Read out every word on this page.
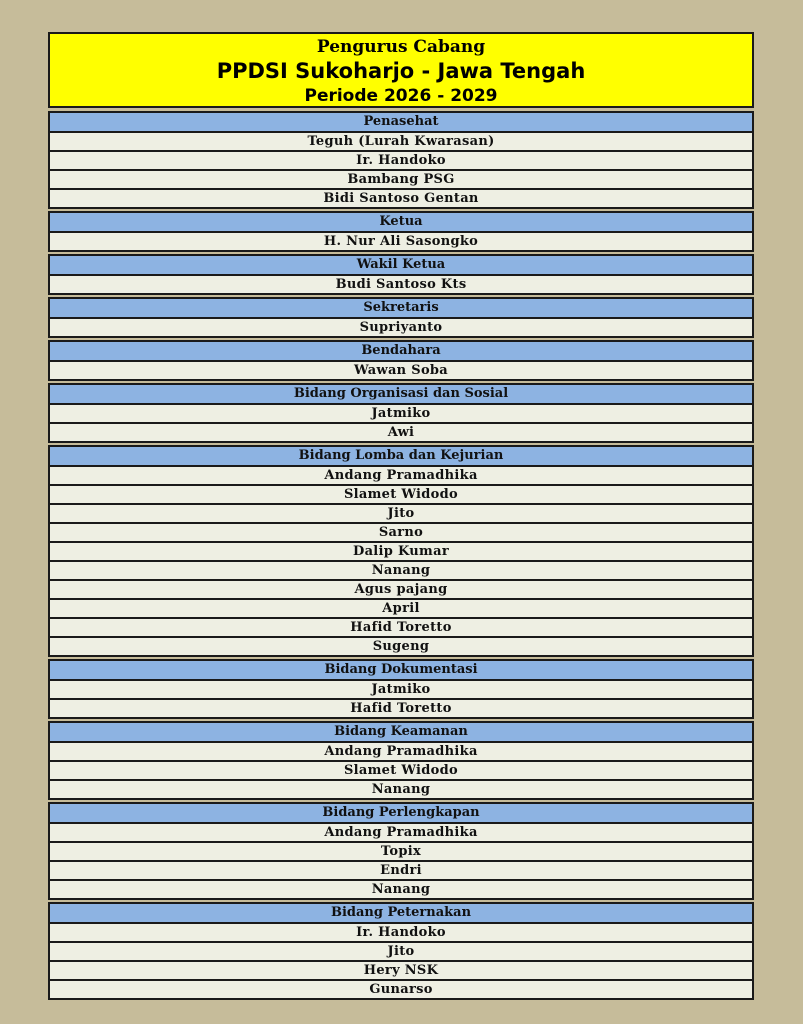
Pengurus Cabang
PPDSI Sukoharjo - Jawa Tengah
Periode 2026 - 2029
Penasehat
Teguh (Lurah Kwarasan)
Ir. Handoko
Bambang PSG
Bidi Santoso Gentan
Ketua
H. Nur Ali Sasongko
Wakil Ketua
Budi Santoso Kts
Sekretaris
Supriyanto
Bendahara
Wawan Soba
Bidang Organisasi dan Sosial
Jatmiko
Awi
Bidang Lomba dan Kejurian
Andang Pramadhika
Slamet Widodo
Jito
Sarno
Dalip Kumar
Nanang
Agus pajang
April
Hafid Toretto
Sugeng
Bidang Dokumentasi
Jatmiko
Hafid Toretto
Bidang Keamanan
Andang Pramadhika
Slamet Widodo
Nanang
Bidang Perlengkapan
Andang Pramadhika
Topix
Endri
Nanang
Bidang Peternakan
Ir. Handoko
Jito
Hery NSK
Gunarso
